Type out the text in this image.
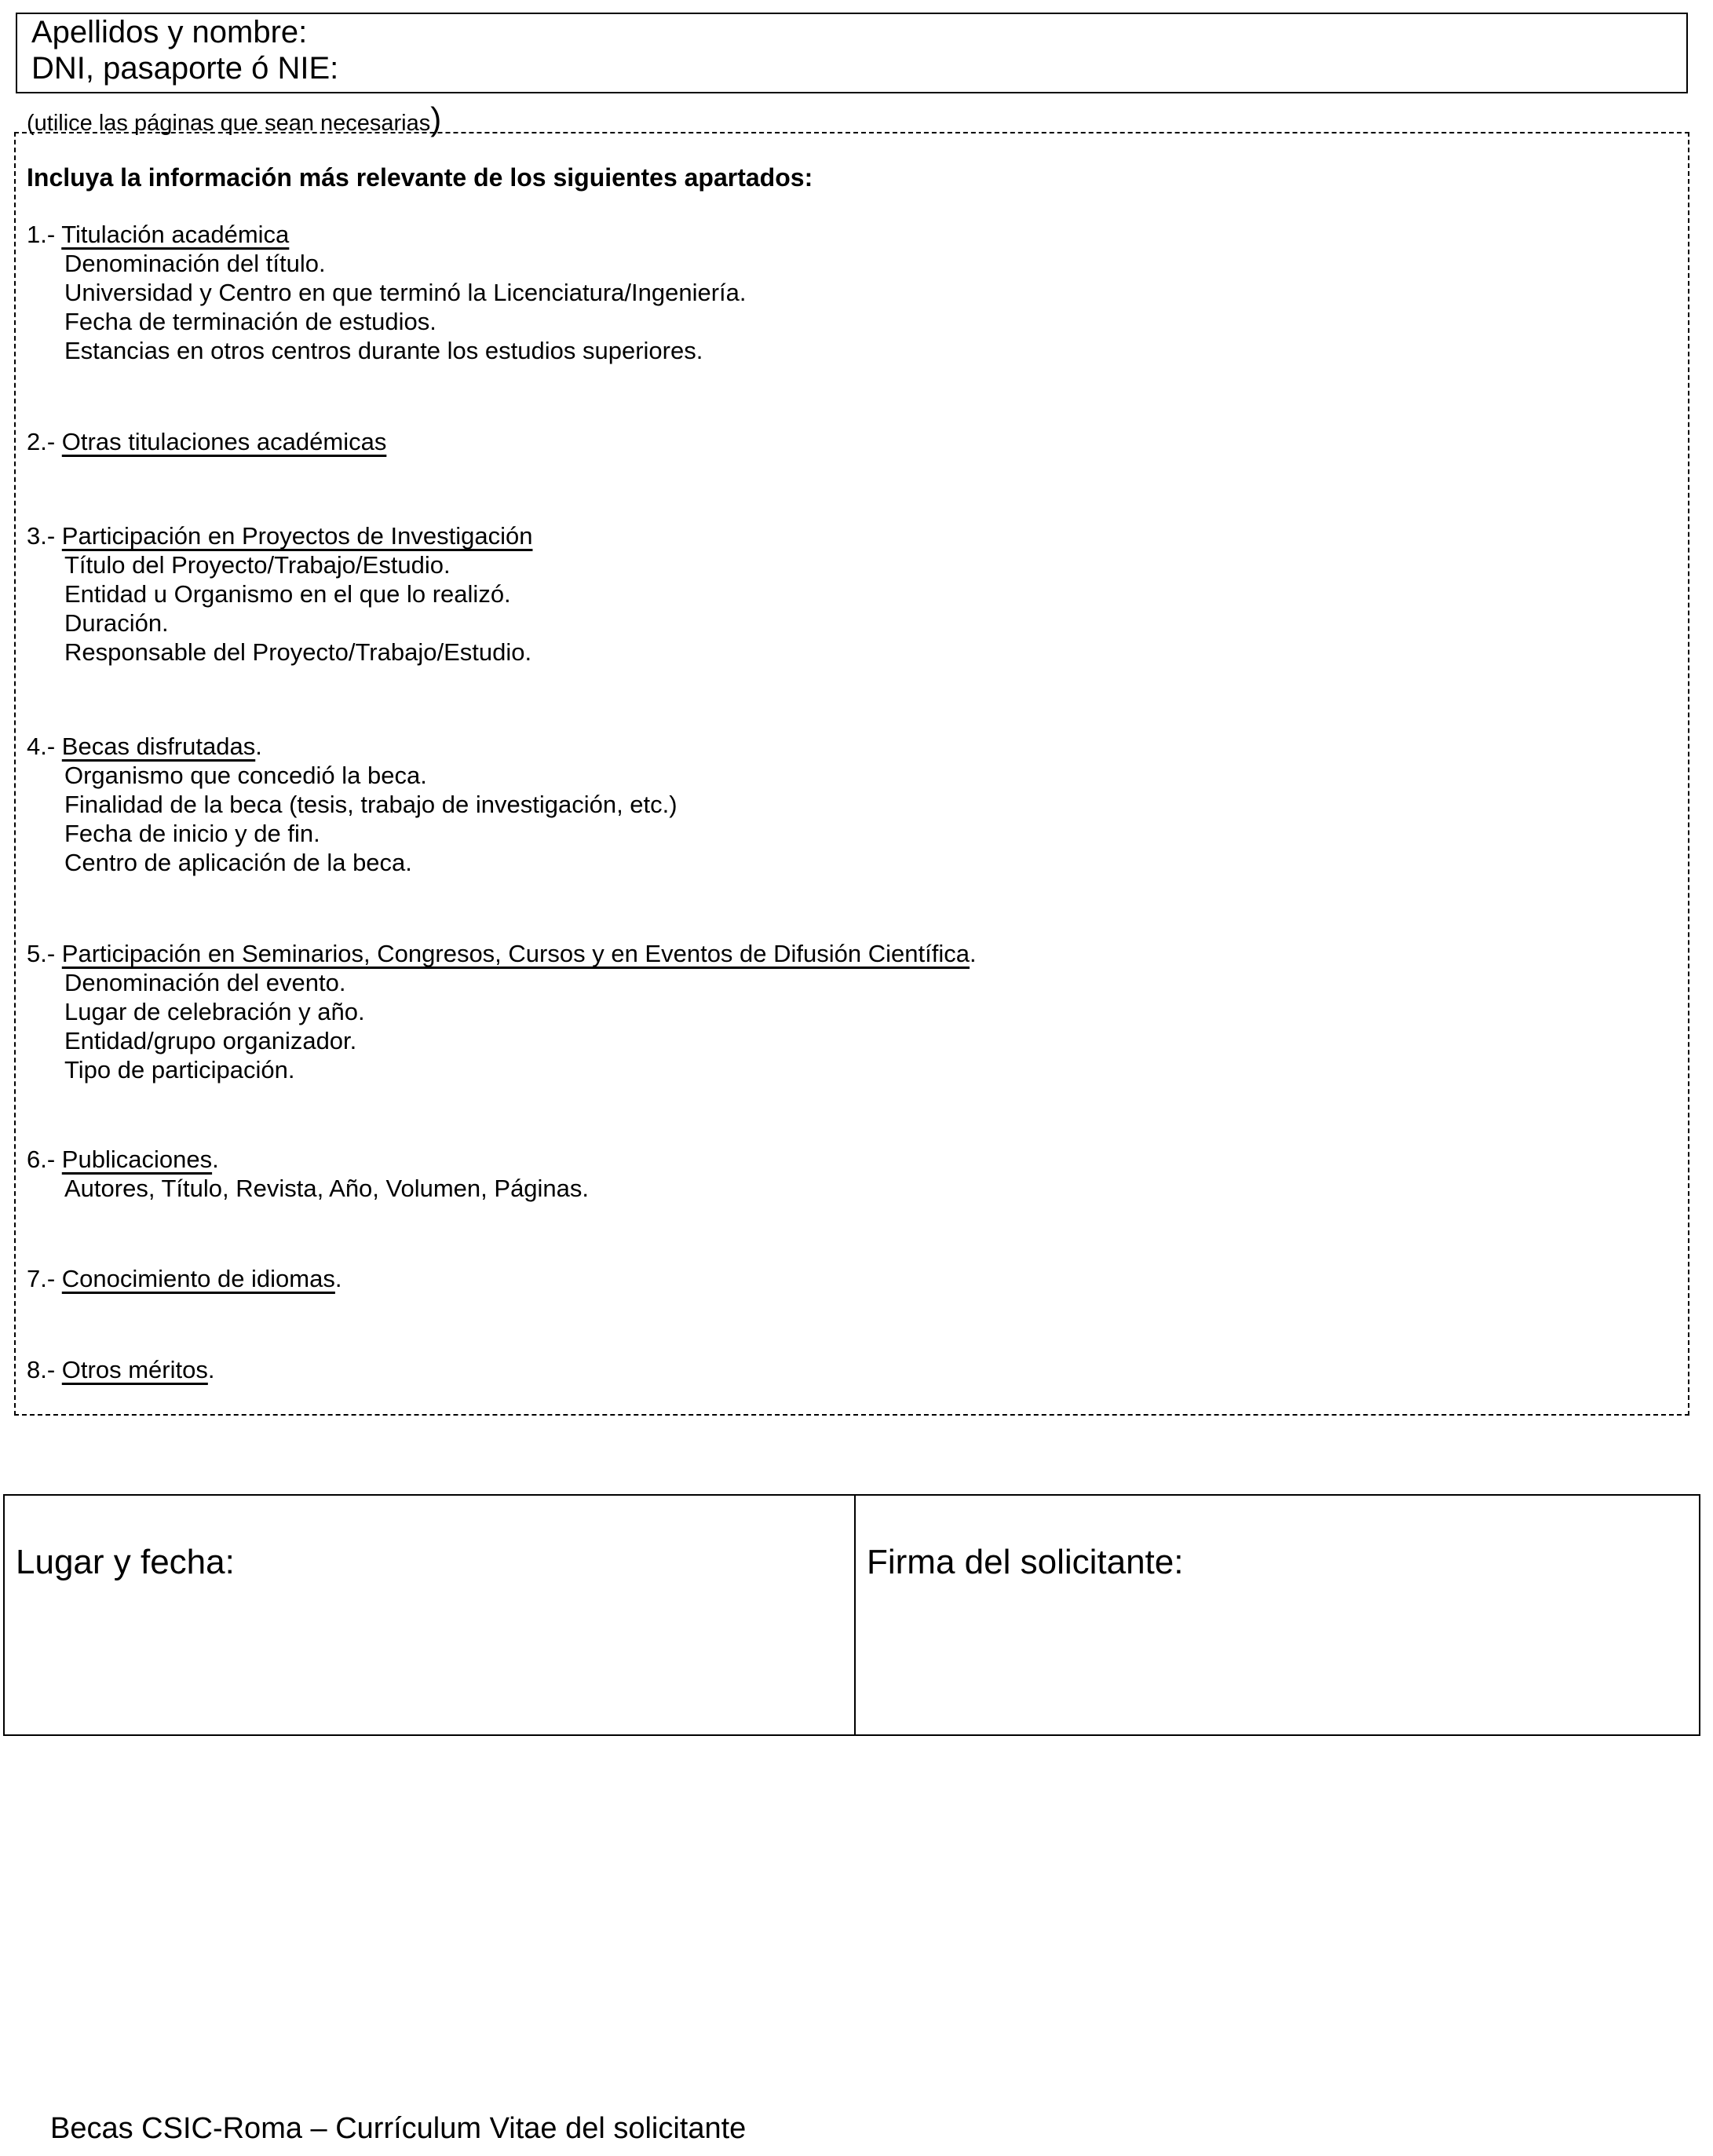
Apellidos y nombre:
DNI, pasaporte ó NIE:
(utilice las páginas que sean necesarias)
Incluya la información más relevante de los siguientes apartados:
1.- Titulación académica
Denominación del título.
Universidad y Centro en que terminó la Licenciatura/Ingeniería.
Fecha de terminación de estudios.
Estancias en otros centros durante los estudios superiores.
2.- Otras titulaciones académicas
3.- Participación en Proyectos de Investigación
Título del Proyecto/Trabajo/Estudio.
Entidad u Organismo en el que lo realizó.
Duración.
Responsable del Proyecto/Trabajo/Estudio.
4.- Becas disfrutadas.
Organismo que concedió la beca.
Finalidad de la beca (tesis, trabajo de investigación, etc.)
Fecha de inicio y de fin.
Centro de aplicación de la beca.
5.- Participación en Seminarios, Congresos, Cursos y en Eventos de Difusión Científica.
Denominación del evento.
Lugar de celebración y año.
Entidad/grupo organizador.
Tipo de participación.
6.- Publicaciones.
Autores, Título, Revista, Año, Volumen, Páginas.
7.- Conocimiento de idiomas.
8.- Otros méritos.
Lugar y fecha:	Firma del solicitante:
Becas CSIC-Roma – Currículum Vitae del solicitante
